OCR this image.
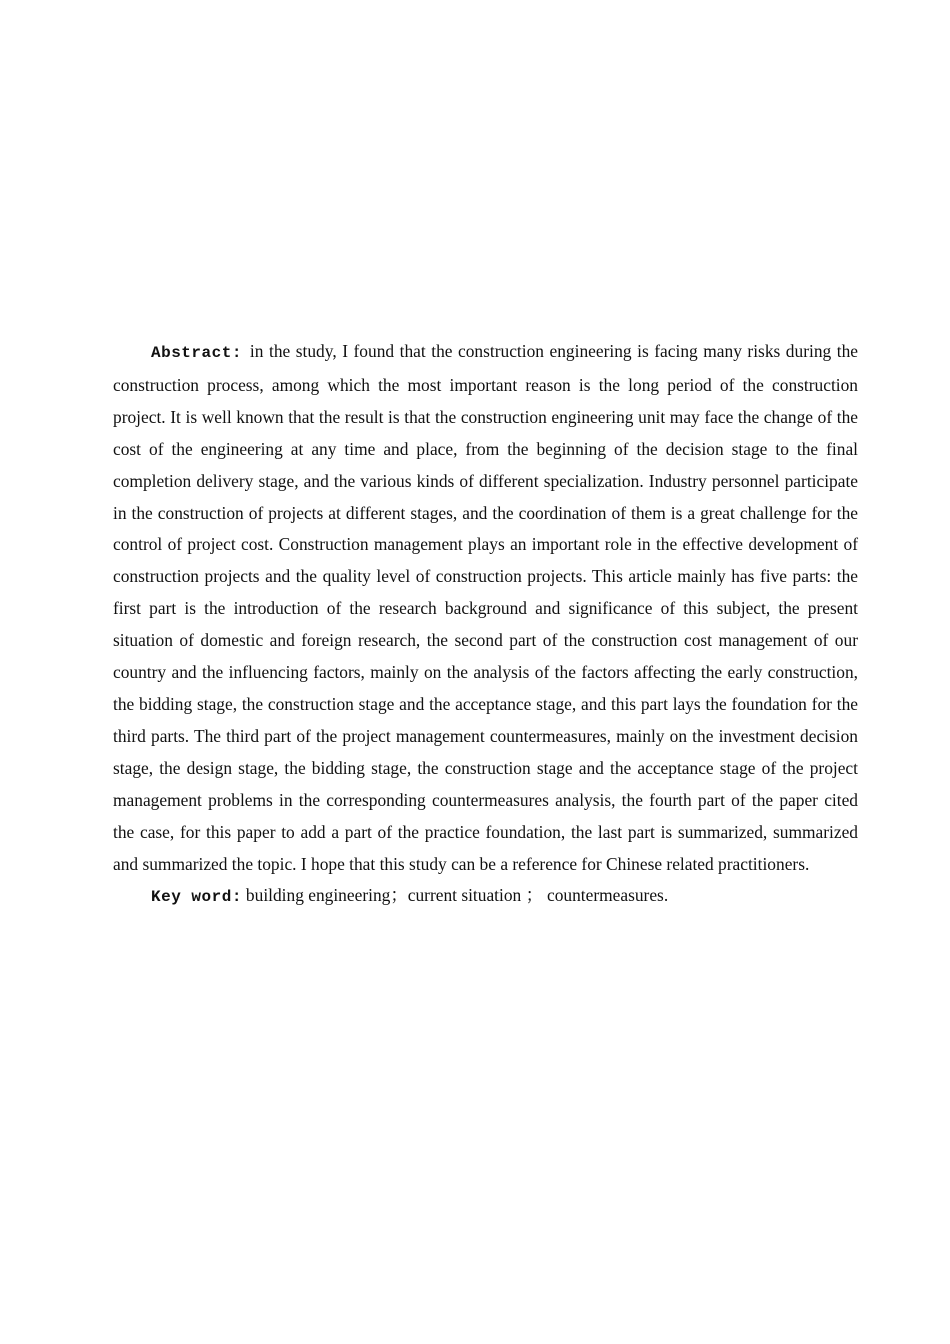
Abstract: in the study, I found that the construction engineering is facing many risks during the construction process, among which the most important reason is the long period of the construction project. It is well known that the result is that the construction engineering unit may face the change of the cost of the engineering at any time and place, from the beginning of the decision stage to the final completion delivery stage, and the various kinds of different specialization. Industry personnel participate in the construction of projects at different stages, and the coordination of them is a great challenge for the control of project cost. Construction management plays an important role in the effective development of construction projects and the quality level of construction projects. This article mainly has five parts: the first part is the introduction of the research background and significance of this subject, the present situation of domestic and foreign research, the second part of the construction cost management of our country and the influencing factors, mainly on the analysis of the factors affecting the early construction, the bidding stage, the construction stage and the acceptance stage, and this part lays the foundation for the third parts. The third part of the project management countermeasures, mainly on the investment decision stage, the design stage, the bidding stage, the construction stage and the acceptance stage of the project management problems in the corresponding countermeasures analysis, the fourth part of the paper cited the case, for this paper to add a part of the practice foundation, the last part is summarized, summarized and summarized the topic. I hope that this study can be a reference for Chinese related practitioners.

Key word: building engineering；current situation ； countermeasures.
